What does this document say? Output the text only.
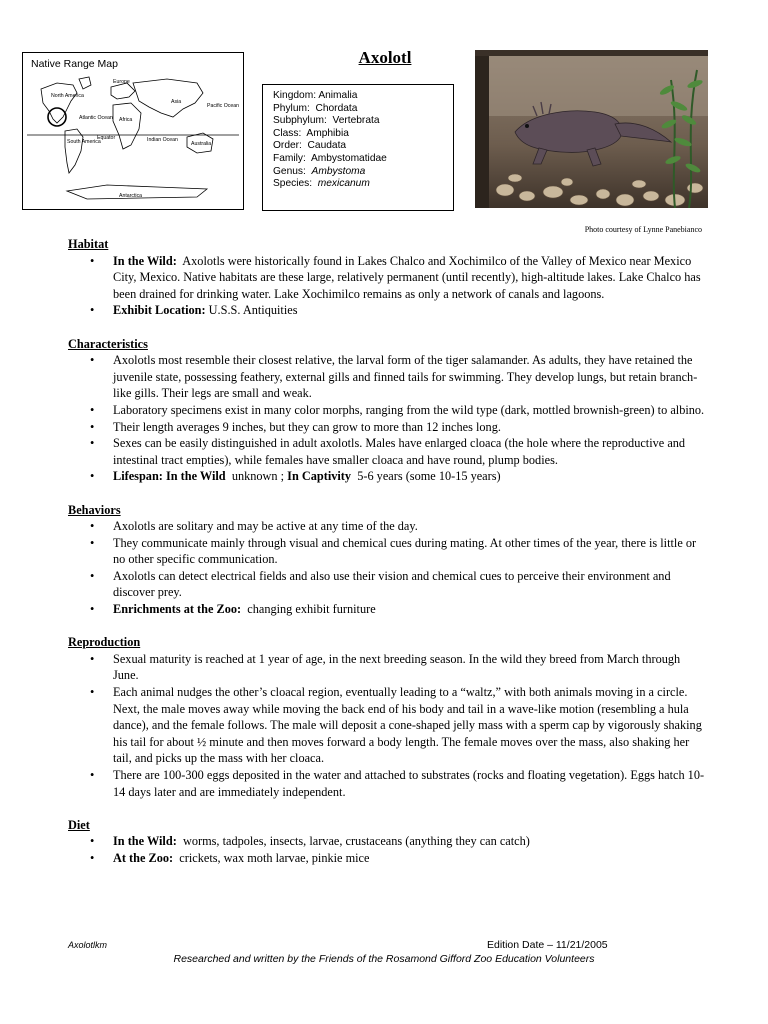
Native Range Map
North America
Europe
Asia
Pacific Ocean
Atlantic Ocean Africa
South America
Equator	Indian Ocean
Australia
Antarctica
Axolotl
Kingdom: Animalia
Phylum: Chordata
Subphylum: Vertebrata
Class: Amphibia
Order: Caudata
Family: Ambystomatidae
Genus: Ambystoma
Species: mexicanum
Photo courtesy of Lynne Panebianco
Habitat
• In the Wild: Axolotls were historically found in Lakes Chalco and Xochimilco of the Valley of Mexico near Mexico City, Mexico. Native habitats are these large, relatively permanent (until recently), high-altitude lakes. Lake Chalco has been drained for drinking water. Lake Xochimilco remains as only a network of canals and lagoons.
• Exhibit Location: U.S.S. Antiquities
Characteristics
• Axolotls most resemble their closest relative, the larval form of the tiger salamander. As adults, they have retained the juvenile state, possessing feathery, external gills and finned tails for swimming. They develop lungs, but retain branch-like gills. Their legs are small and weak.
• Laboratory specimens exist in many color morphs, ranging from the wild type (dark, mottled brownish-green) to albino.
• Their length averages 9 inches, but they can grow to more than 12 inches long.
• Sexes can be easily distinguished in adult axolotls. Males have enlarged cloaca (the hole where the reproductive and intestinal tract empties), while females have smaller cloaca and have round, plump bodies.
• Lifespan: In the Wild unknown ; In Captivity 5-6 years (some 10-15 years)
Behaviors
• Axolotls are solitary and may be active at any time of the day.
• They communicate mainly through visual and chemical cues during mating. At other times of the year, there is little or no other specific communication.
• Axolotls can detect electrical fields and also use their vision and chemical cues to perceive their environment and discover prey.
• Enrichments at the Zoo: changing exhibit furniture
Reproduction
• Sexual maturity is reached at 1 year of age, in the next breeding season. In the wild they breed from March through June.
• Each animal nudges the other’s cloacal region, eventually leading to a “waltz,” with both animals moving in a circle. Next, the male moves away while moving the back end of his body and tail in a wave-like motion (resembling a hula dance), and the female follows. The male will deposit a cone-shaped jelly mass with a sperm cap by vigorously shaking his tail for about ½ minute and then moves forward a body length. The female moves over the mass, also shaking her tail, and picks up the mass with her cloaca.
• There are 100-300 eggs deposited in the water and attached to substrates (rocks and floating vegetation). Eggs hatch 10-14 days later and are immediately independent.
Diet
• In the Wild: worms, tadpoles, insects, larvae, crustaceans (anything they can catch)
• At the Zoo: crickets, wax moth larvae, pinkie mice
Axolotlkm	Edition Date – 11/21/2005
Researched and written by the Friends of the Rosamond Gifford Zoo Education Volunteers
